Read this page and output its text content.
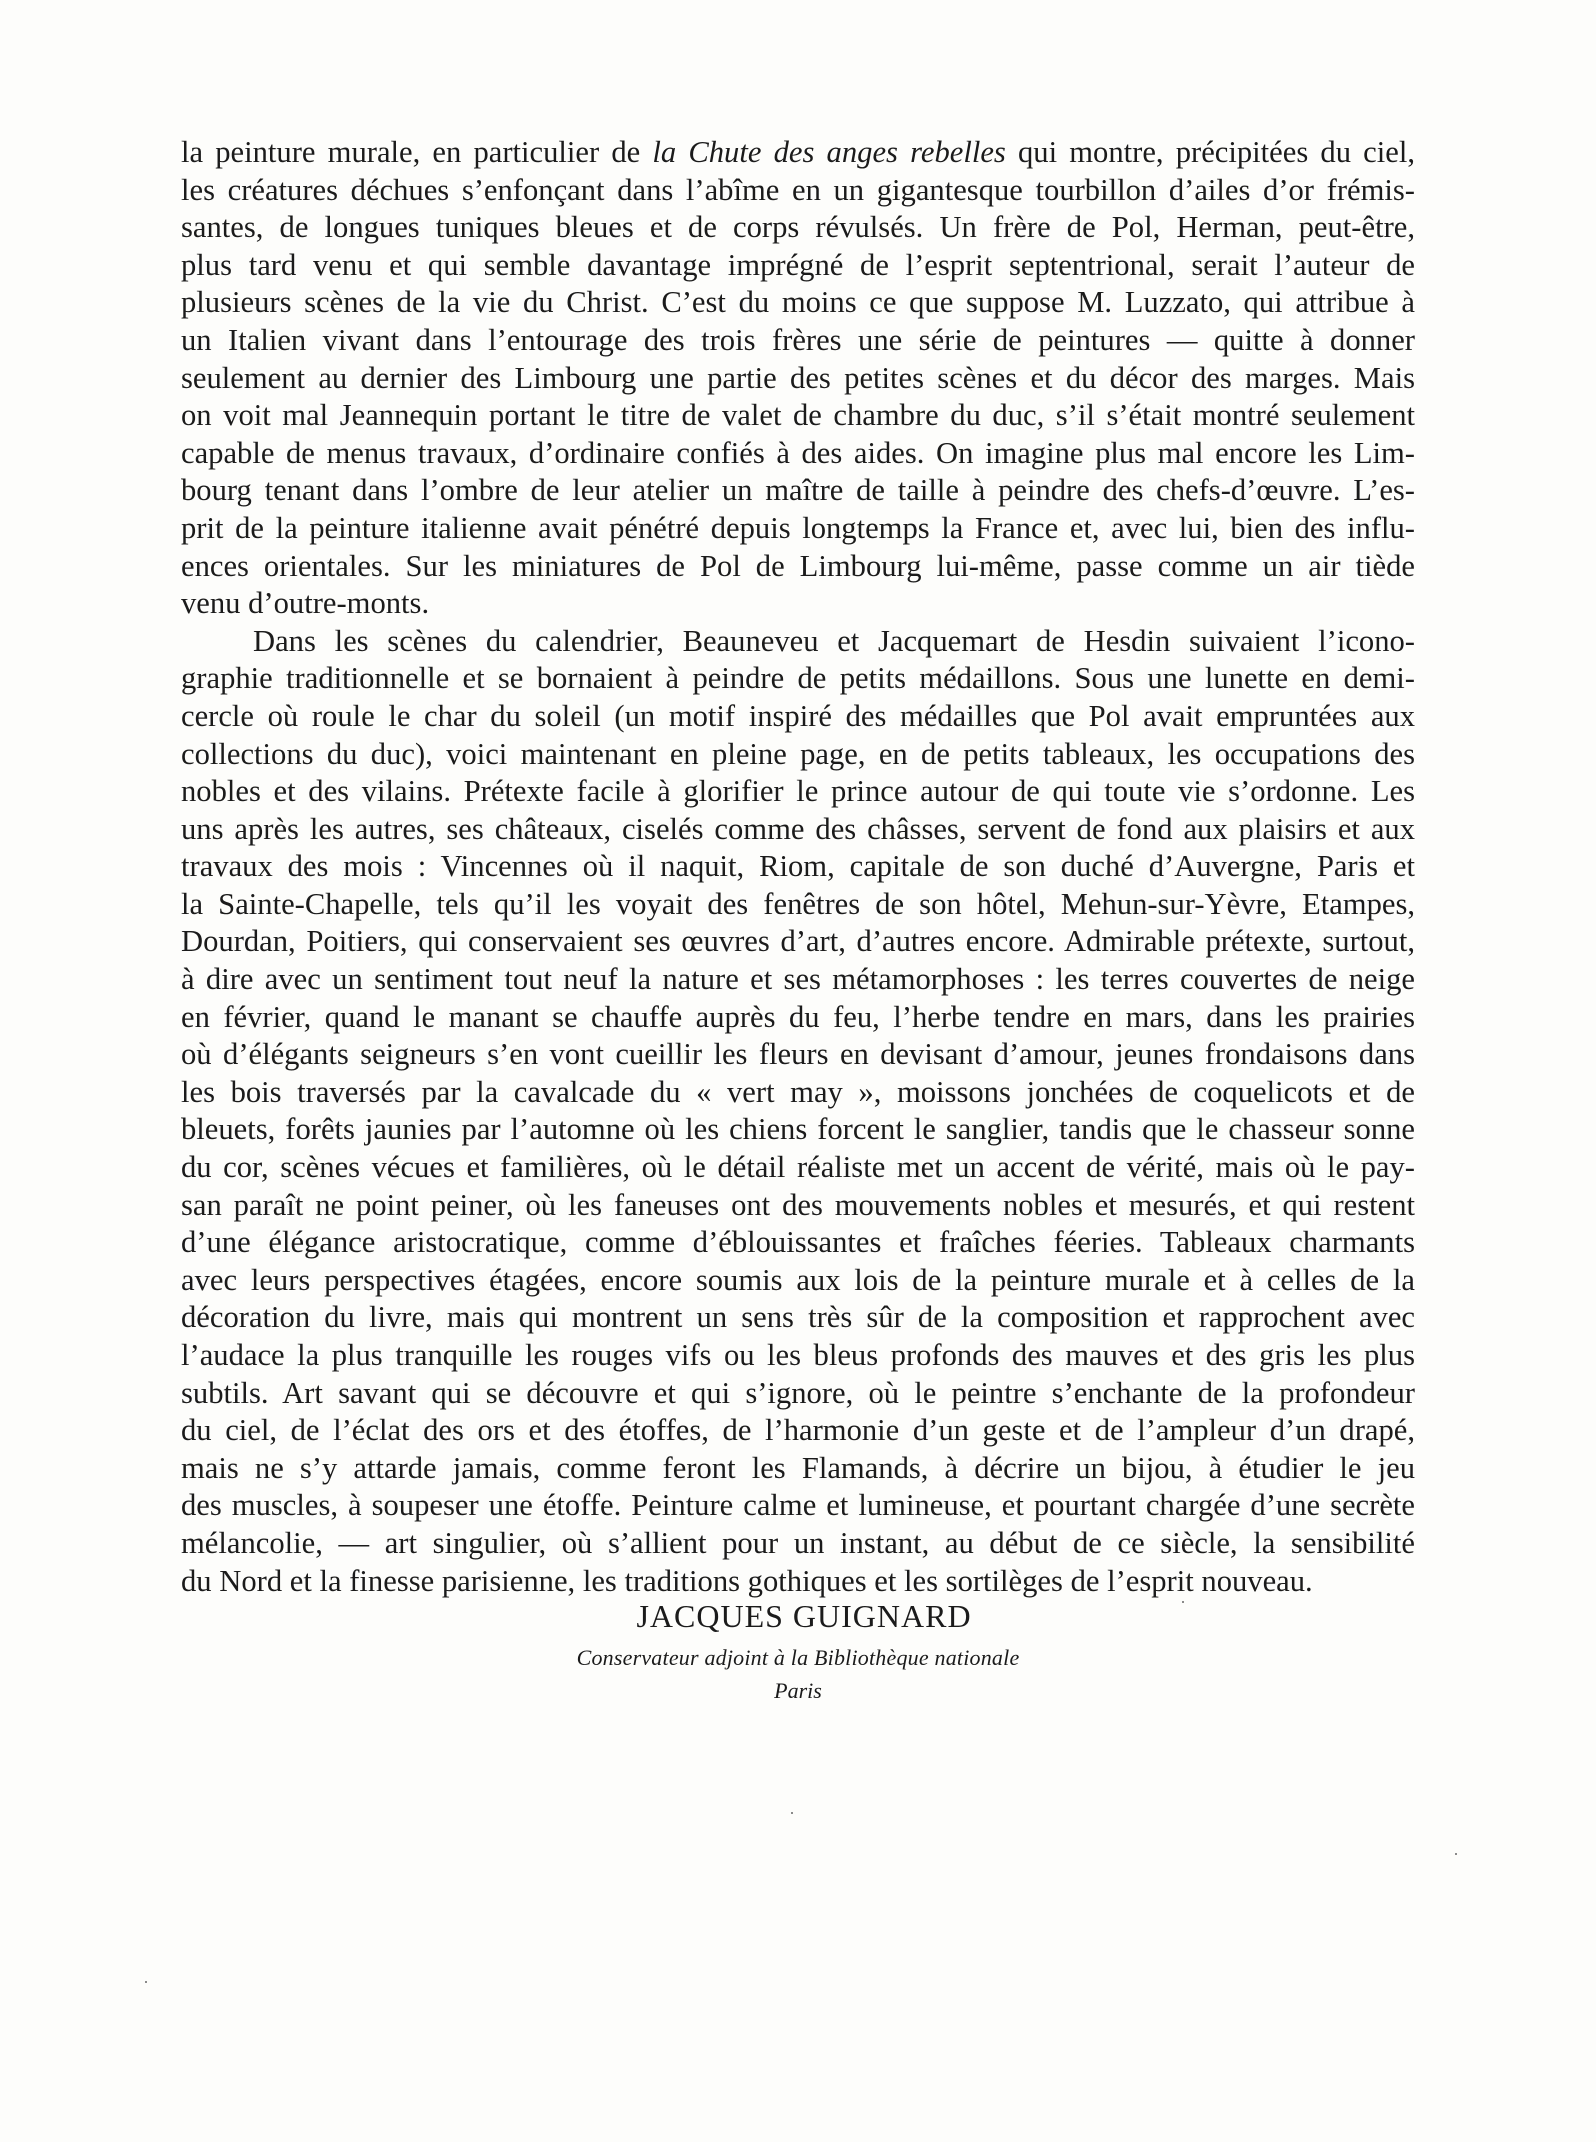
la peinture murale, en particulier de la Chute des anges rebelles qui montre, précipitées du ciel,
les créatures déchues s’enfonçant dans l’abîme en un gigantesque tourbillon d’ailes d’or frémis-
santes, de longues tuniques bleues et de corps révulsés. Un frère de Pol, Herman, peut-être,
plus tard venu et qui semble davantage imprégné de l’esprit septentrional, serait l’auteur de
plusieurs scènes de la vie du Christ. C’est du moins ce que suppose M. Luzzato, qui attribue à
un Italien vivant dans l’entourage des trois frères une série de peintures — quitte à donner
seulement au dernier des Limbourg une partie des petites scènes et du décor des marges. Mais
on voit mal Jeannequin portant le titre de valet de chambre du duc, s’il s’était montré seulement
capable de menus travaux, d’ordinaire confiés à des aides. On imagine plus mal encore les Lim-
bourg tenant dans l’ombre de leur atelier un maître de taille à peindre des chefs-d’œuvre. L’es-
prit de la peinture italienne avait pénétré depuis longtemps la France et, avec lui, bien des influ-
ences orientales. Sur les miniatures de Pol de Limbourg lui-même, passe comme un air tiède
venu d’outre-monts.
Dans les scènes du calendrier, Beauneveu et Jacquemart de Hesdin suivaient l’icono-
graphie traditionnelle et se bornaient à peindre de petits médaillons. Sous une lunette en demi-
cercle où roule le char du soleil (un motif inspiré des médailles que Pol avait empruntées aux
collections du duc), voici maintenant en pleine page, en de petits tableaux, les occupations des
nobles et des vilains. Prétexte facile à glorifier le prince autour de qui toute vie s’ordonne. Les
uns après les autres, ses châteaux, ciselés comme des châsses, servent de fond aux plaisirs et aux
travaux des mois : Vincennes où il naquit, Riom, capitale de son duché d’Auvergne, Paris et
la Sainte-Chapelle, tels qu’il les voyait des fenêtres de son hôtel, Mehun-sur-Yèvre, Etampes,
Dourdan, Poitiers, qui conservaient ses œuvres d’art, d’autres encore. Admirable prétexte, surtout,
à dire avec un sentiment tout neuf la nature et ses métamorphoses : les terres couvertes de neige
en février, quand le manant se chauffe auprès du feu, l’herbe tendre en mars, dans les prairies
où d’élégants seigneurs s’en vont cueillir les fleurs en devisant d’amour, jeunes frondaisons dans
les bois traversés par la cavalcade du « vert may », moissons jonchées de coquelicots et de
bleuets, forêts jaunies par l’automne où les chiens forcent le sanglier, tandis que le chasseur sonne
du cor, scènes vécues et familières, où le détail réaliste met un accent de vérité, mais où le pay-
san paraît ne point peiner, où les faneuses ont des mouvements nobles et mesurés, et qui restent
d’une élégance aristocratique, comme d’éblouissantes et fraîches féeries. Tableaux charmants
avec leurs perspectives étagées, encore soumis aux lois de la peinture murale et à celles de la
décoration du livre, mais qui montrent un sens très sûr de la composition et rapprochent avec
l’audace la plus tranquille les rouges vifs ou les bleus profonds des mauves et des gris les plus
subtils. Art savant qui se découvre et qui s’ignore, où le peintre s’enchante de la profondeur
du ciel, de l’éclat des ors et des étoffes, de l’harmonie d’un geste et de l’ampleur d’un drapé,
mais ne s’y attarde jamais, comme feront les Flamands, à décrire un bijou, à étudier le jeu
des muscles, à soupeser une étoffe. Peinture calme et lumineuse, et pourtant chargée d’une secrète
mélancolie, — art singulier, où s’allient pour un instant, au début de ce siècle, la sensibilité
du Nord et la finesse parisienne, les traditions gothiques et les sortilèges de l’esprit nouveau.
JACQUES GUIGNARD
Conservateur adjoint à la Bibliothèque nationale
Paris
